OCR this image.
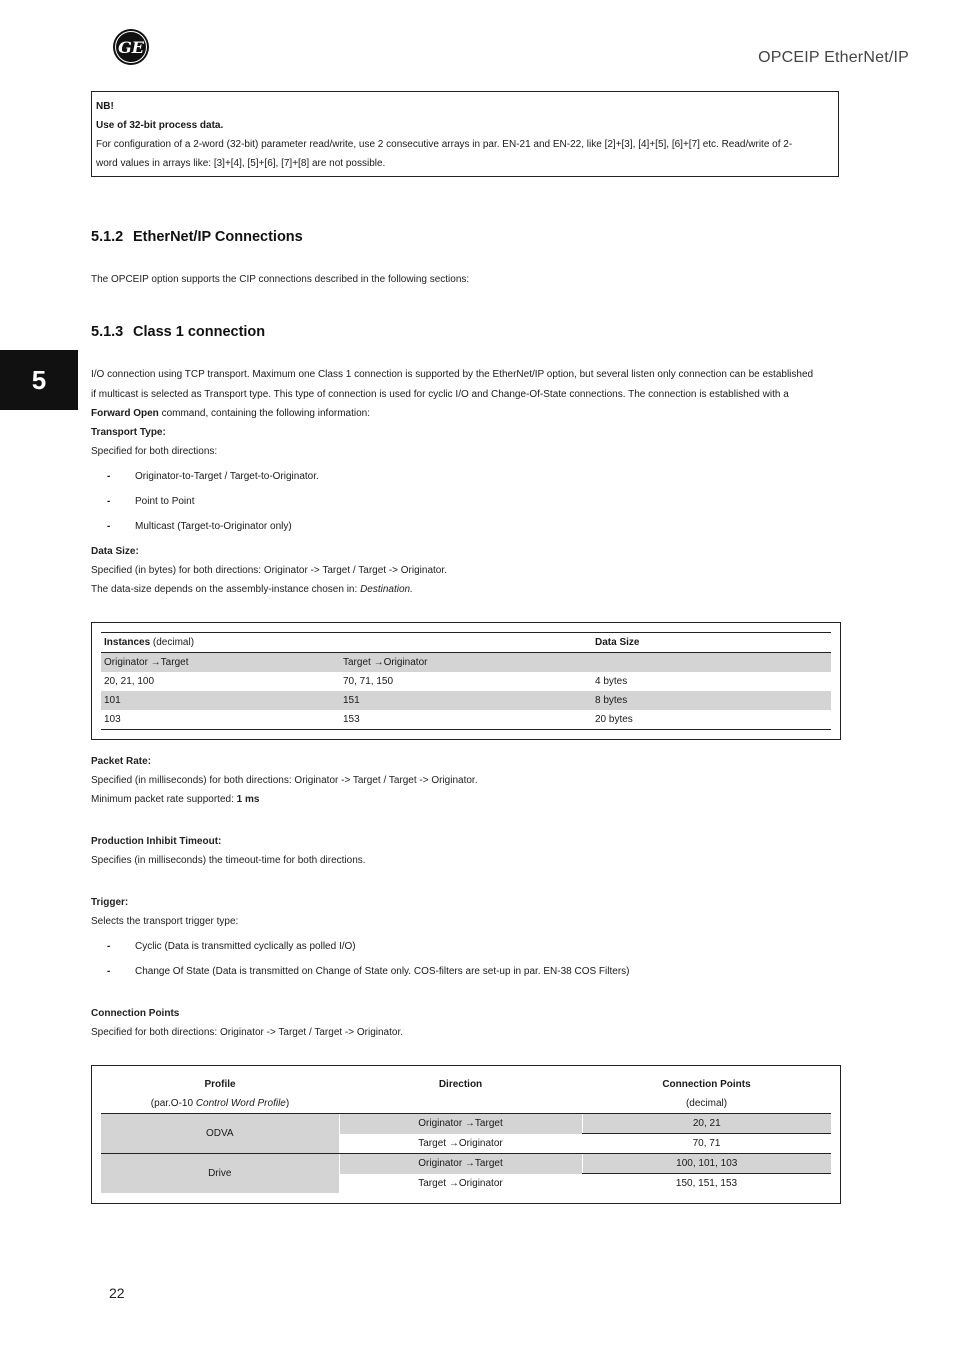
GE
OPCEIP EtherNet/IP
5
NB!
Use of 32-bit process data.
For configuration of a 2-word (32-bit) parameter read/write, use 2 consecutive arrays in par. EN-21 and EN-22, like [2]+[3], [4]+[5], [6]+[7] etc. Read/write of 2-
word values in arrays like: [3]+[4], [5]+[6], [7]+[8] are not possible.
5.1.2 EtherNet/IP Connections
The OPCEIP option supports the CIP connections described in the following sections:
5.1.3 Class 1 connection
I/O connection using TCP transport. Maximum one Class 1 connection is supported by the EtherNet/IP option, but several listen only connection can be established
if multicast is selected as Transport type. This type of connection is used for cyclic I/O and Change-Of-State connections. The connection is established with a
Forward Open command, containing the following information:
Transport Type:
Specified for both directions:
- Originator-to-Target / Target-to-Originator.
- Point to Point
- Multicast (Target-to-Originator only)
Data Size:
Specified (in bytes) for both directions: Originator -> Target / Target -> Originator.
The data-size depends on the assembly-instance chosen in: Destination.
Instances (decimal)		Data Size
Originator →Target	Target →Originator	
20, 21, 100	70, 71, 150	4 bytes
101	151	8 bytes
103	153	20 bytes
Packet Rate:
Specified (in milliseconds) for both directions: Originator -> Target / Target -> Originator.
Minimum packet rate supported: 1 ms
Production Inhibit Timeout:
Specifies (in milliseconds) the timeout-time for both directions.
Trigger:
Selects the transport trigger type:
- Cyclic (Data is transmitted cyclically as polled I/O)
- Change Of State (Data is transmitted on Change of State only. COS-filters are set-up in par. EN-38 COS Filters)
Connection Points
Specified for both directions: Originator -> Target / Target -> Originator.
Profile	Direction	Connection Points
(par.O-10 Control Word Profile)		(decimal)
ODVA	Originator →Target	20, 21
	Target →Originator	70, 71
Drive	Originator →Target	100, 101, 103
	Target →Originator	150, 151, 153
22
